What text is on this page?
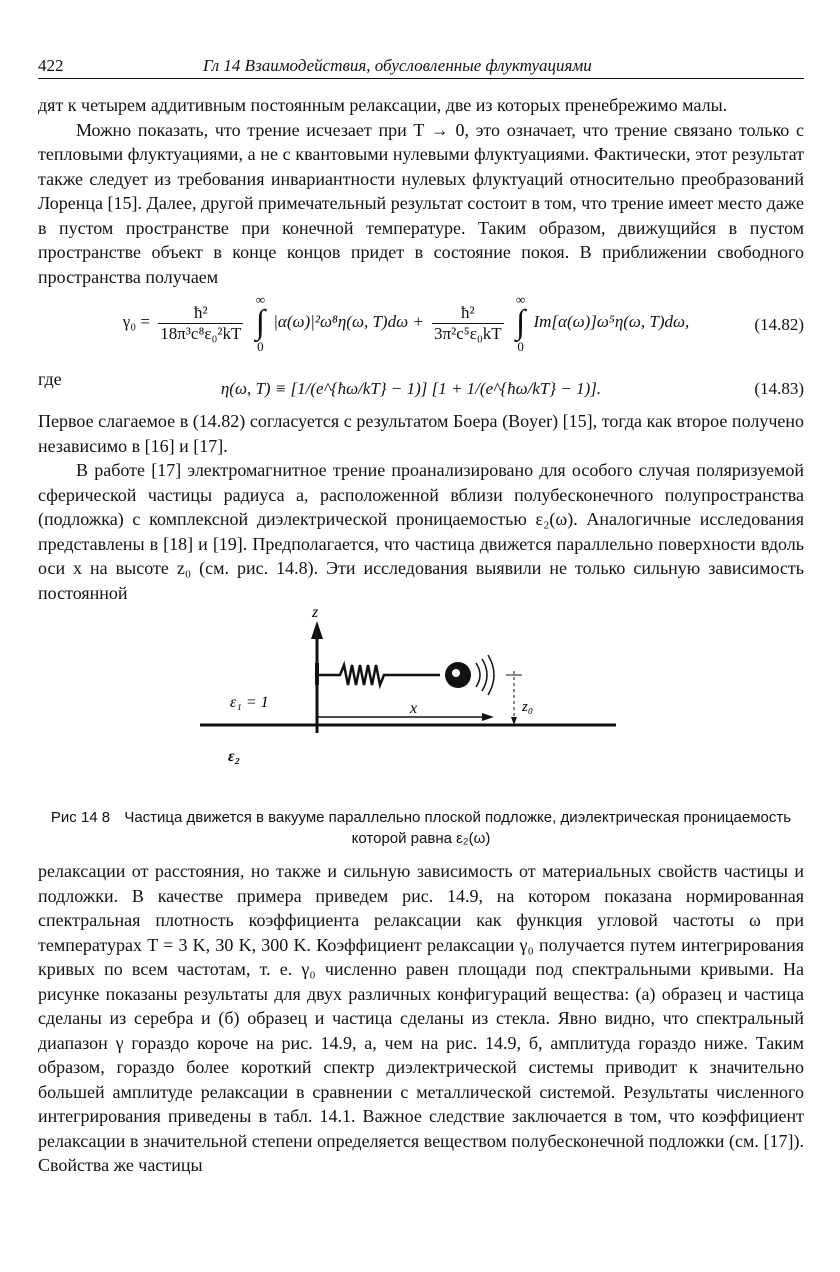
422	Гл 14 Взаимодействия, обусловленные флуктуациями
дят к четырем аддитивным постоянным релаксации, две из которых пренебрежимо малы.
Можно показать, что трение исчезает при T → 0, это означает, что трение связано только с тепловыми флуктуациями, а не с квантовыми нулевыми флуктуациями. Фактически, этот результат также следует из требования инвариантности нулевых флуктуаций относительно преобразований Лоренца [15]. Далее, другой примечательный результат состоит в том, что трение имеет место даже в пустом пространстве при конечной температуре. Таким образом, движущийся в пустом пространстве объект в конце концов придет в состояние покоя. В приближении свободного пространства получаем
$\gamma_0 = \frac{\text{ħ²}}{\text{18π³c⁸ε₀²kT}}$

∞
∫
0
|α(ω)|²ω⁸η(ω, $T)d\omega + \frac{\text{ħ²}}{\text{3π²c⁵ε₀kT}}$

∞
∫
0
Im[α(ω)]ω⁵η(ω, T)dω,	(14.82)
где	η(ω, T) ≡ [1/(e^{ħω/kT} − 1)] [1 + 1/(e^{ħω/kT} − 1)].	(14.83)
Первое слагаемое в (14.82) согласуется с результатом Боера (Boyer) [15], тогда как второе получено независимо в [16] и [17].
В работе [17] электромагнитное трение проанализировано для особого случая поляризуемой сферической частицы радиуса a, расположенной вблизи полубесконечного полупространства (подложка) с комплексной диэлектрической проницаемостью ε₂(ω). Аналогичные исследования представлены в [18] и [19]. Предполагается, что частица движется параллельно поверхности вдоль оси x на высоте z₀ (см. рис. 14.8). Эти исследования выявили не только сильную зависимость постоянной
z
ε₁ = 1	x	z₀
ε₂
Рис 14 8 Частица движется в вакууме параллельно плоской подложке, диэлектрическая проницаемость которой равна ε₂(ω)
релаксации от расстояния, но также и сильную зависимость от материальных свойств частицы и подложки. В качестве примера приведем рис. 14.9, на котором показана нормированная спектральная плотность коэффициента релаксации как функция угловой частоты ω при температурах T = 3 K, 30 K, 300 K. Коэффициент релаксации γ₀ получается путем интегрирования кривых по всем частотам, т. е. γ₀ численно равен площади под спектральными кривыми. На рисунке показаны результаты для двух различных конфигураций вещества: (а) образец и частица сделаны из серебра и (б) образец и частица сделаны из стекла. Явно видно, что спектральный диапазон γ гораздо короче на рис. 14.9, а, чем на рис. 14.9, б, амплитуда гораздо ниже. Таким образом, гораздо более короткий спектр диэлектрической системы приводит к значительно большей амплитуде релаксации в сравнении с металлической системой. Результаты численного интегрирования приведены в табл. 14.1. Важное следствие заключается в том, что коэффициент релаксации в значительной степени определяется веществом полубесконечной подложки (см. [17]). Свойства же частицы
